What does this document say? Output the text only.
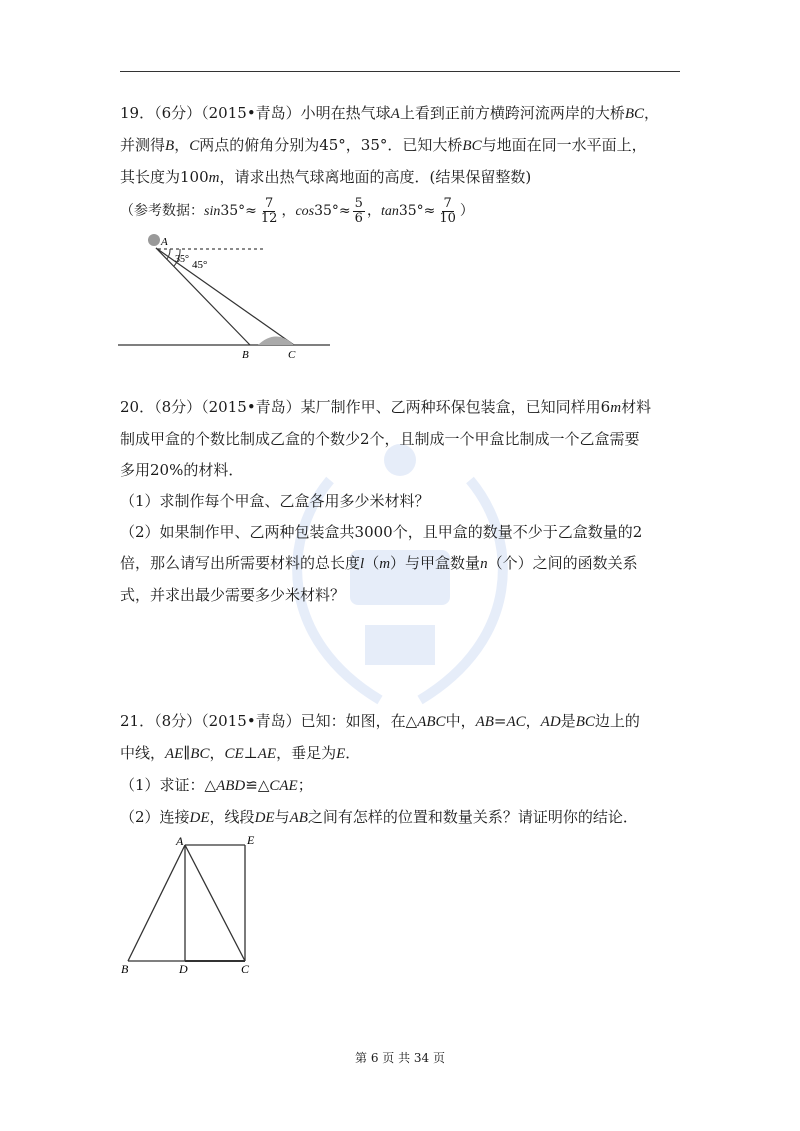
19．（6分）（2015•青岛）小明在热气球A上看到正前方横跨河流两岸的大桥BC，

并测得B，C两点的俯角分别为45°，35°．已知大桥BC与地面在同一水平面上，

其长度为100m，请求出热气球离地面的高度．(结果保留整数)

（参考数据：$\sin 35^\circ\approx \frac{7}{12}$ ，$\cos 35^\circ\approx \frac{5}{6}$ ，$\tan 35^\circ\approx \frac{7}{10}$ ）

A
35° 45°
B	C

20．（8分）（2015•青岛）某厂制作甲、乙两种环保包装盒，已知同样用6m材料

制成甲盒的个数比制成乙盒的个数少2个，且制成一个甲盒比制成一个乙盒需要

多用20%的材料．

（1）求制作每个甲盒、乙盒各用多少米材料？

（2）如果制作甲、乙两种包装盒共3000个，且甲盒的数量不少于乙盒数量的2

倍，那么请写出所需要材料的总长度l（m）与甲盒数量n（个）之间的函数关系

式，并求出最少需要多少米材料？

21．（8分）（2015•青岛）已知：如图，在△ABC中，AB=AC，AD是BC边上的

中线，AE∥BC，CE⊥AE，垂足为E．

（1）求证：△ABD≌△CAE；

（2）连接DE，线段DE与AB之间有怎样的位置和数量关系？请证明你的结论．

A	E
B	D	C
第 6 页 共 34 页
